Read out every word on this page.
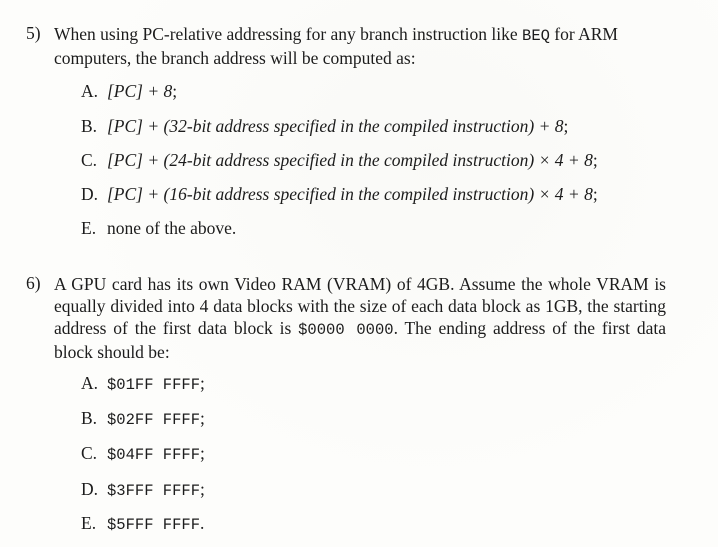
5) When using PC-relative addressing for any branch instruction like BEQ for ARM computers, the branch address will be computed as:
A. [PC] + 8;
B. [PC] + (32-bit address specified in the compiled instruction) + 8;
C. [PC] + (24-bit address specified in the compiled instruction) × 4 + 8;
D. [PC] + (16-bit address specified in the compiled instruction) × 4 + 8;
E. none of the above.
6) A GPU card has its own Video RAM (VRAM) of 4GB. Assume the whole VRAM is equally divided into 4 data blocks with the size of each data block as 1GB, the starting address of the first data block is $0000 0000. The ending address of the first data block should be:
A. $01FF FFFF;
B. $02FF FFFF;
C. $04FF FFFF;
D. $3FFF FFFF;
E. $5FFF FFFF.
